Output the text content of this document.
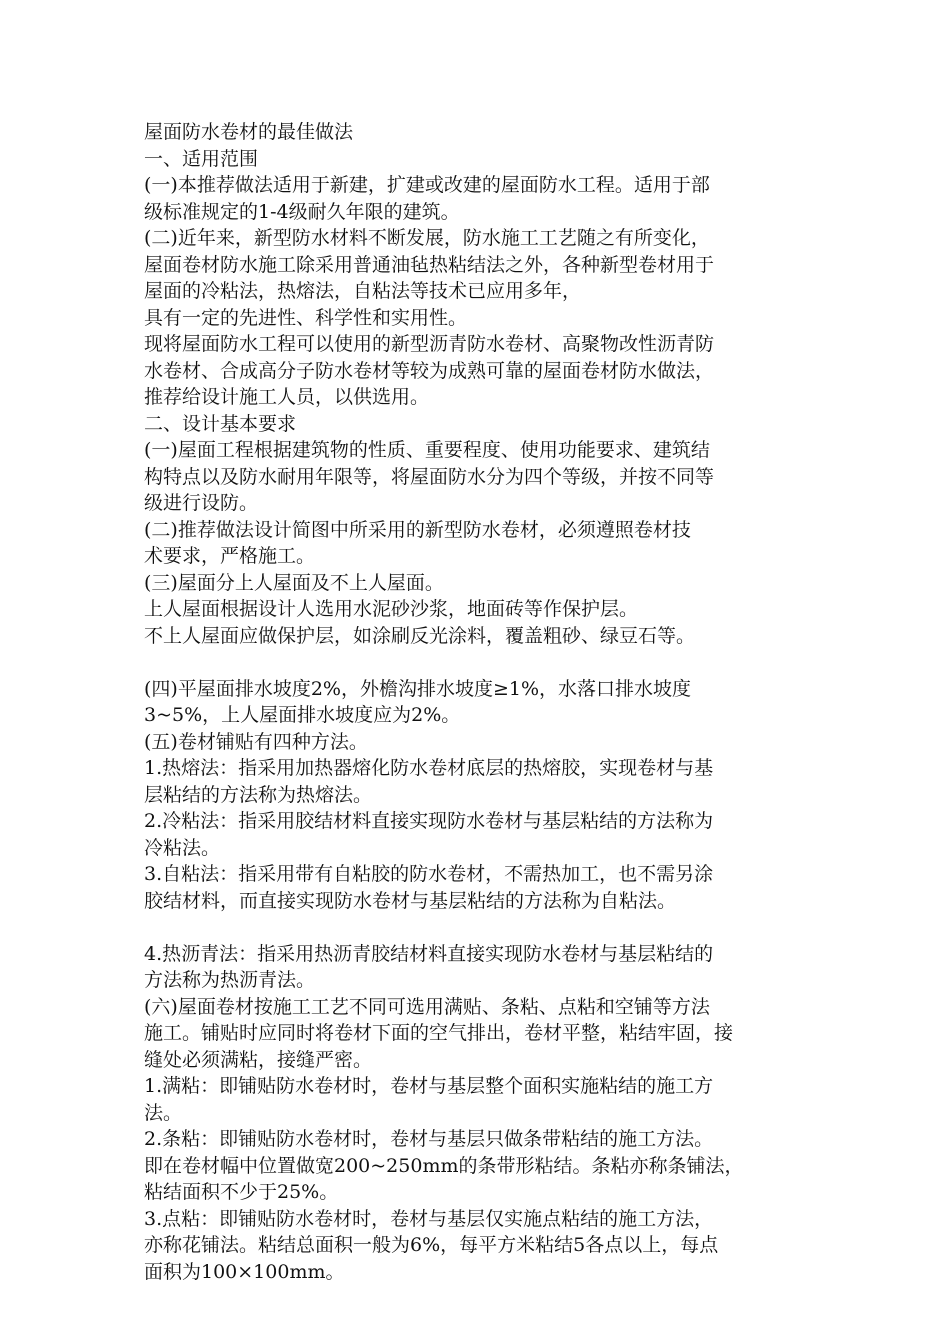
屋面防水卷材的最佳做法
一、适用范围
(一)本推荐做法适用于新建，扩建或改建的屋面防水工程。适用于部
级标准规定的1-4级耐久年限的建筑。
(二)近年来，新型防水材料不断发展，防水施工工艺随之有所变化，
屋面卷材防水施工除采用普通油毡热粘结法之外，各种新型卷材用于
屋面的冷粘法，热熔法，自粘法等技术已应用多年，
具有一定的先进性、科学性和实用性。
现将屋面防水工程可以使用的新型沥青防水卷材、高聚物改性沥青防
水卷材、合成高分子防水卷材等较为成熟可靠的屋面卷材防水做法，
推荐给设计施工人员，以供选用。
二、设计基本要求
(一)屋面工程根据建筑物的性质、重要程度、使用功能要求、建筑结
构特点以及防水耐用年限等，将屋面防水分为四个等级，并按不同等
级进行设防。
(二)推荐做法设计简图中所采用的新型防水卷材，必须遵照卷材技
术要求，严格施工。
(三)屋面分上人屋面及不上人屋面。
上人屋面根据设计人选用水泥砂沙浆，地面砖等作保护层。
不上人屋面应做保护层，如涂刷反光涂料，覆盖粗砂、绿豆石等。
(四)平屋面排水坡度2%，外檐沟排水坡度≥1%，水落口排水坡度
3~5%，上人屋面排水坡度应为2%。
(五)卷材铺贴有四种方法。
1.热熔法：指采用加热器熔化防水卷材底层的热熔胶，实现卷材与基
层粘结的方法称为热熔法。
2.冷粘法：指采用胶结材料直接实现防水卷材与基层粘结的方法称为
冷粘法。
3.自粘法：指采用带有自粘胶的防水卷材，不需热加工，也不需另涂
胶结材料，而直接实现防水卷材与基层粘结的方法称为自粘法。
4.热沥青法：指采用热沥青胶结材料直接实现防水卷材与基层粘结的
方法称为热沥青法。
(六)屋面卷材按施工工艺不同可选用满贴、条粘、点粘和空铺等方法
施工。铺贴时应同时将卷材下面的空气排出，卷材平整，粘结牢固，接
缝处必须满粘，接缝严密。
1.满粘：即铺贴防水卷材时，卷材与基层整个面积实施粘结的施工方
法。
2.条粘：即铺贴防水卷材时，卷材与基层只做条带粘结的施工方法。
即在卷材幅中位置做宽200~250mm的条带形粘结。条粘亦称条铺法，
粘结面积不少于25%。
3.点粘：即铺贴防水卷材时，卷材与基层仅实施点粘结的施工方法，
亦称花铺法。粘结总面积一般为6%，每平方米粘结5各点以上，每点
面积为100×100mm。
